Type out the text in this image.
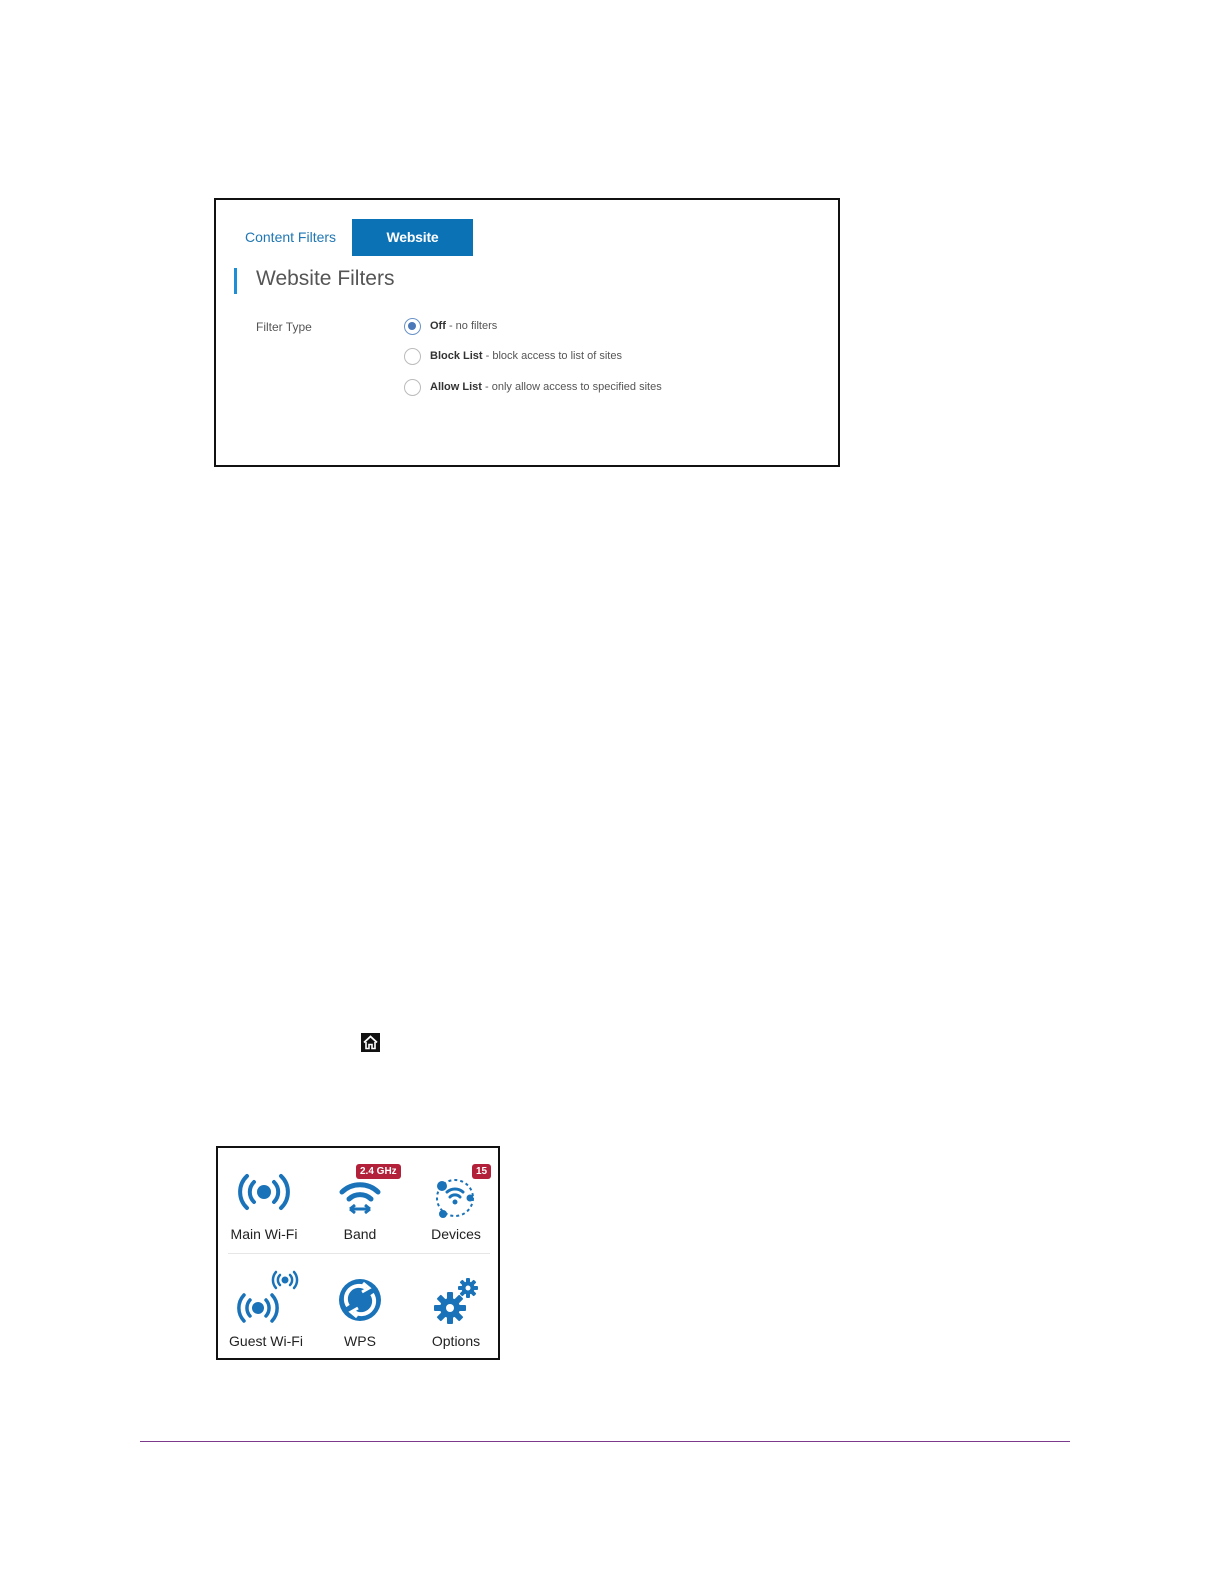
Content Filters	Website Filters
Website Filters
Filter Type	Off - no filters
Block List - block access to list of sites
Allow List - only allow access to specified sites
Main Wi-Fi
2.4 GHz
Band
15
Devices
Guest Wi-Fi	WPS	Options
